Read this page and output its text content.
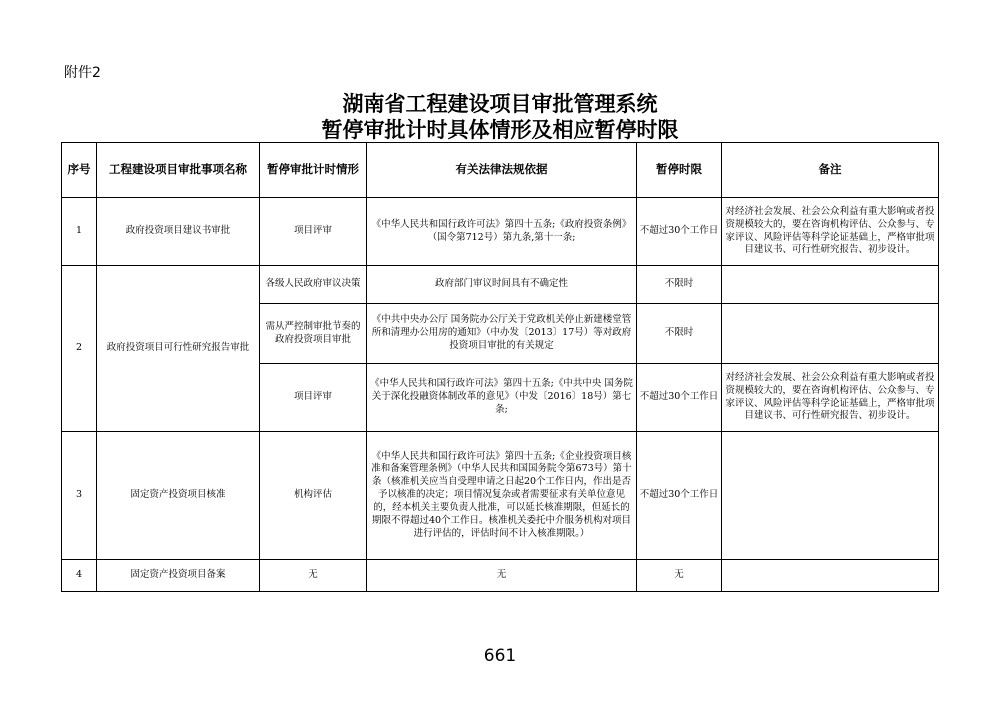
附件2
湖南省工程建设项目审批管理系统
暂停审批计时具体情形及相应暂停时限
序号	工程建设项目审批事项名称	暂停审批计时情形	有关法律法规依据	暂停时限	备注
1	政府投资项目建议书审批	项目评审	《中华人民共和国行政许可法》第四十五条;《政府投资条例》（国令第712号）第九条,第十一条;	不超过30个工作日	对经济社会发展、社会公众利益有重大影响或者投资规模较大的，要在咨询机构评估、公众参与、专家评议、风险评估等科学论证基础上，严格审批项目建议书、可行性研究报告、初步设计。
2	政府投资项目可行性研究报告审批	各级人民政府审议决策	政府部门审议时间具有不确定性	不限时	
		需从严控制审批节奏的政府投资项目审批	《中共中央办公厅 国务院办公厅关于党政机关停止新建楼堂管所和清理办公用房的通知》（中办发〔2013〕17号）等对政府投资项目审批的有关规定	不限时	
		项目评审	《中华人民共和国行政许可法》第四十五条;《中共中央 国务院关于深化投融资体制改革的意见》（中发〔2016〕18号）第七条;	不超过30个工作日	对经济社会发展、社会公众利益有重大影响或者投资规模较大的，要在咨询机构评估、公众参与、专家评议、风险评估等科学论证基础上，严格审批项目建议书、可行性研究报告、初步设计。
3	固定资产投资项目核准	机构评估	《中华人民共和国行政许可法》第四十五条;《企业投资项目核准和备案管理条例》（中华人民共和国国务院令第673号）第十条（核准机关应当自受理申请之日起20个工作日内，作出是否予以核准的决定；项目情况复杂或者需要征求有关单位意见的，经本机关主要负责人批准，可以延长核准期限，但延长的期限不得超过40个工作日。核准机关委托中介服务机构对项目进行评估的，评估时间不计入核准期限。）	不超过30个工作日	
4	固定资产投资项目备案	无	无	无	
661
